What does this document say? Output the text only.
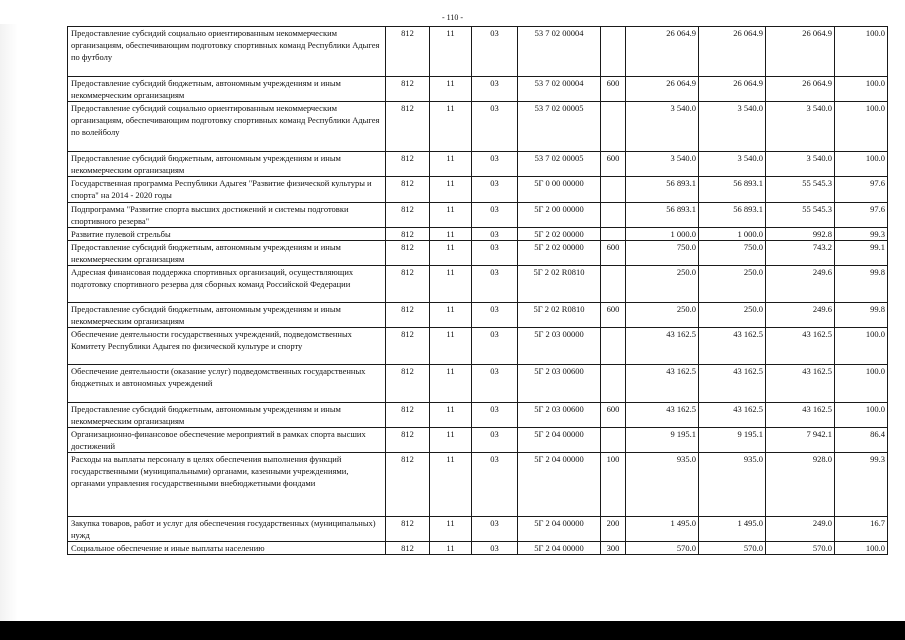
- 110 -
Предоставление субсидий социально ориентированным некоммерческим организациям, обеспечивающим подготовку спортивных команд Республики Адыгея по футболу	812	11	03	53 7 02 00004		26 064.9	26 064.9	26 064.9	100.0
Предоставление субсидий бюджетным, автономным учреждениям и иным некоммерческим организациям	812	11	03	53 7 02 00004	600	26 064.9	26 064.9	26 064.9	100.0
Предоставление субсидий социально ориентированным некоммерческим организациям, обеспечивающим подготовку спортивных команд Республики Адыгея по волейболу	812	11	03	53 7 02 00005		3 540.0	3 540.0	3 540.0	100.0
Предоставление субсидий бюджетным, автономным учреждениям и иным некоммерческим организациям	812	11	03	53 7 02 00005	600	3 540.0	3 540.0	3 540.0	100.0
Государственная программа Республики Адыгея "Развитие физической культуры и спорта" на 2014 - 2020 годы	812	11	03	5Г 0 00 00000		56 893.1	56 893.1	55 545.3	97.6
Подпрограмма "Развитие спорта высших достижений и системы подготовки спортивного резерва"	812	11	03	5Г 2 00 00000		56 893.1	56 893.1	55 545.3	97.6
Развитие пулевой стрельбы	812	11	03	5Г 2 02 00000		1 000.0	1 000.0	992.8	99.3
Предоставление субсидий бюджетным, автономным учреждениям и иным некоммерческим организациям	812	11	03	5Г 2 02 00000	600	750.0	750.0	743.2	99.1
Адресная финансовая поддержка спортивных организаций, осуществляющих подготовку спортивного резерва для сборных команд Российской Федерации	812	11	03	5Г 2 02 R0810		250.0	250.0	249.6	99.8
Предоставление субсидий бюджетным, автономным учреждениям и иным некоммерческим организациям	812	11	03	5Г 2 02 R0810	600	250.0	250.0	249.6	99.8
Обеспечение деятельности государственных учреждений, подведомственных Комитету Республики Адыгея по физической культуре и спорту	812	11	03	5Г 2 03 00000		43 162.5	43 162.5	43 162.5	100.0
Обеспечение деятельности (оказание услуг) подведомственных государственных бюджетных и автономных учреждений	812	11	03	5Г 2 03 00600		43 162.5	43 162.5	43 162.5	100.0
Предоставление субсидий бюджетным, автономным учреждениям и иным некоммерческим организациям	812	11	03	5Г 2 03 00600	600	43 162.5	43 162.5	43 162.5	100.0
Организационно-финансовое обеспечение мероприятий в рамках спорта высших достижений	812	11	03	5Г 2 04 00000		9 195.1	9 195.1	7 942.1	86.4
Расходы на выплаты персоналу в целях обеспечения выполнения функций государственными (муниципальными) органами, казенными учреждениями, органами управления государственными внебюджетными фондами	812	11	03	5Г 2 04 00000	100	935.0	935.0	928.0	99.3
Закупка товаров, работ и услуг для обеспечения государственных (муниципальных) нужд	812	11	03	5Г 2 04 00000	200	1 495.0	1 495.0	249.0	16.7
Социальное обеспечение и иные выплаты населению	812	11	03	5Г 2 04 00000	300	570.0	570.0	570.0	100.0
